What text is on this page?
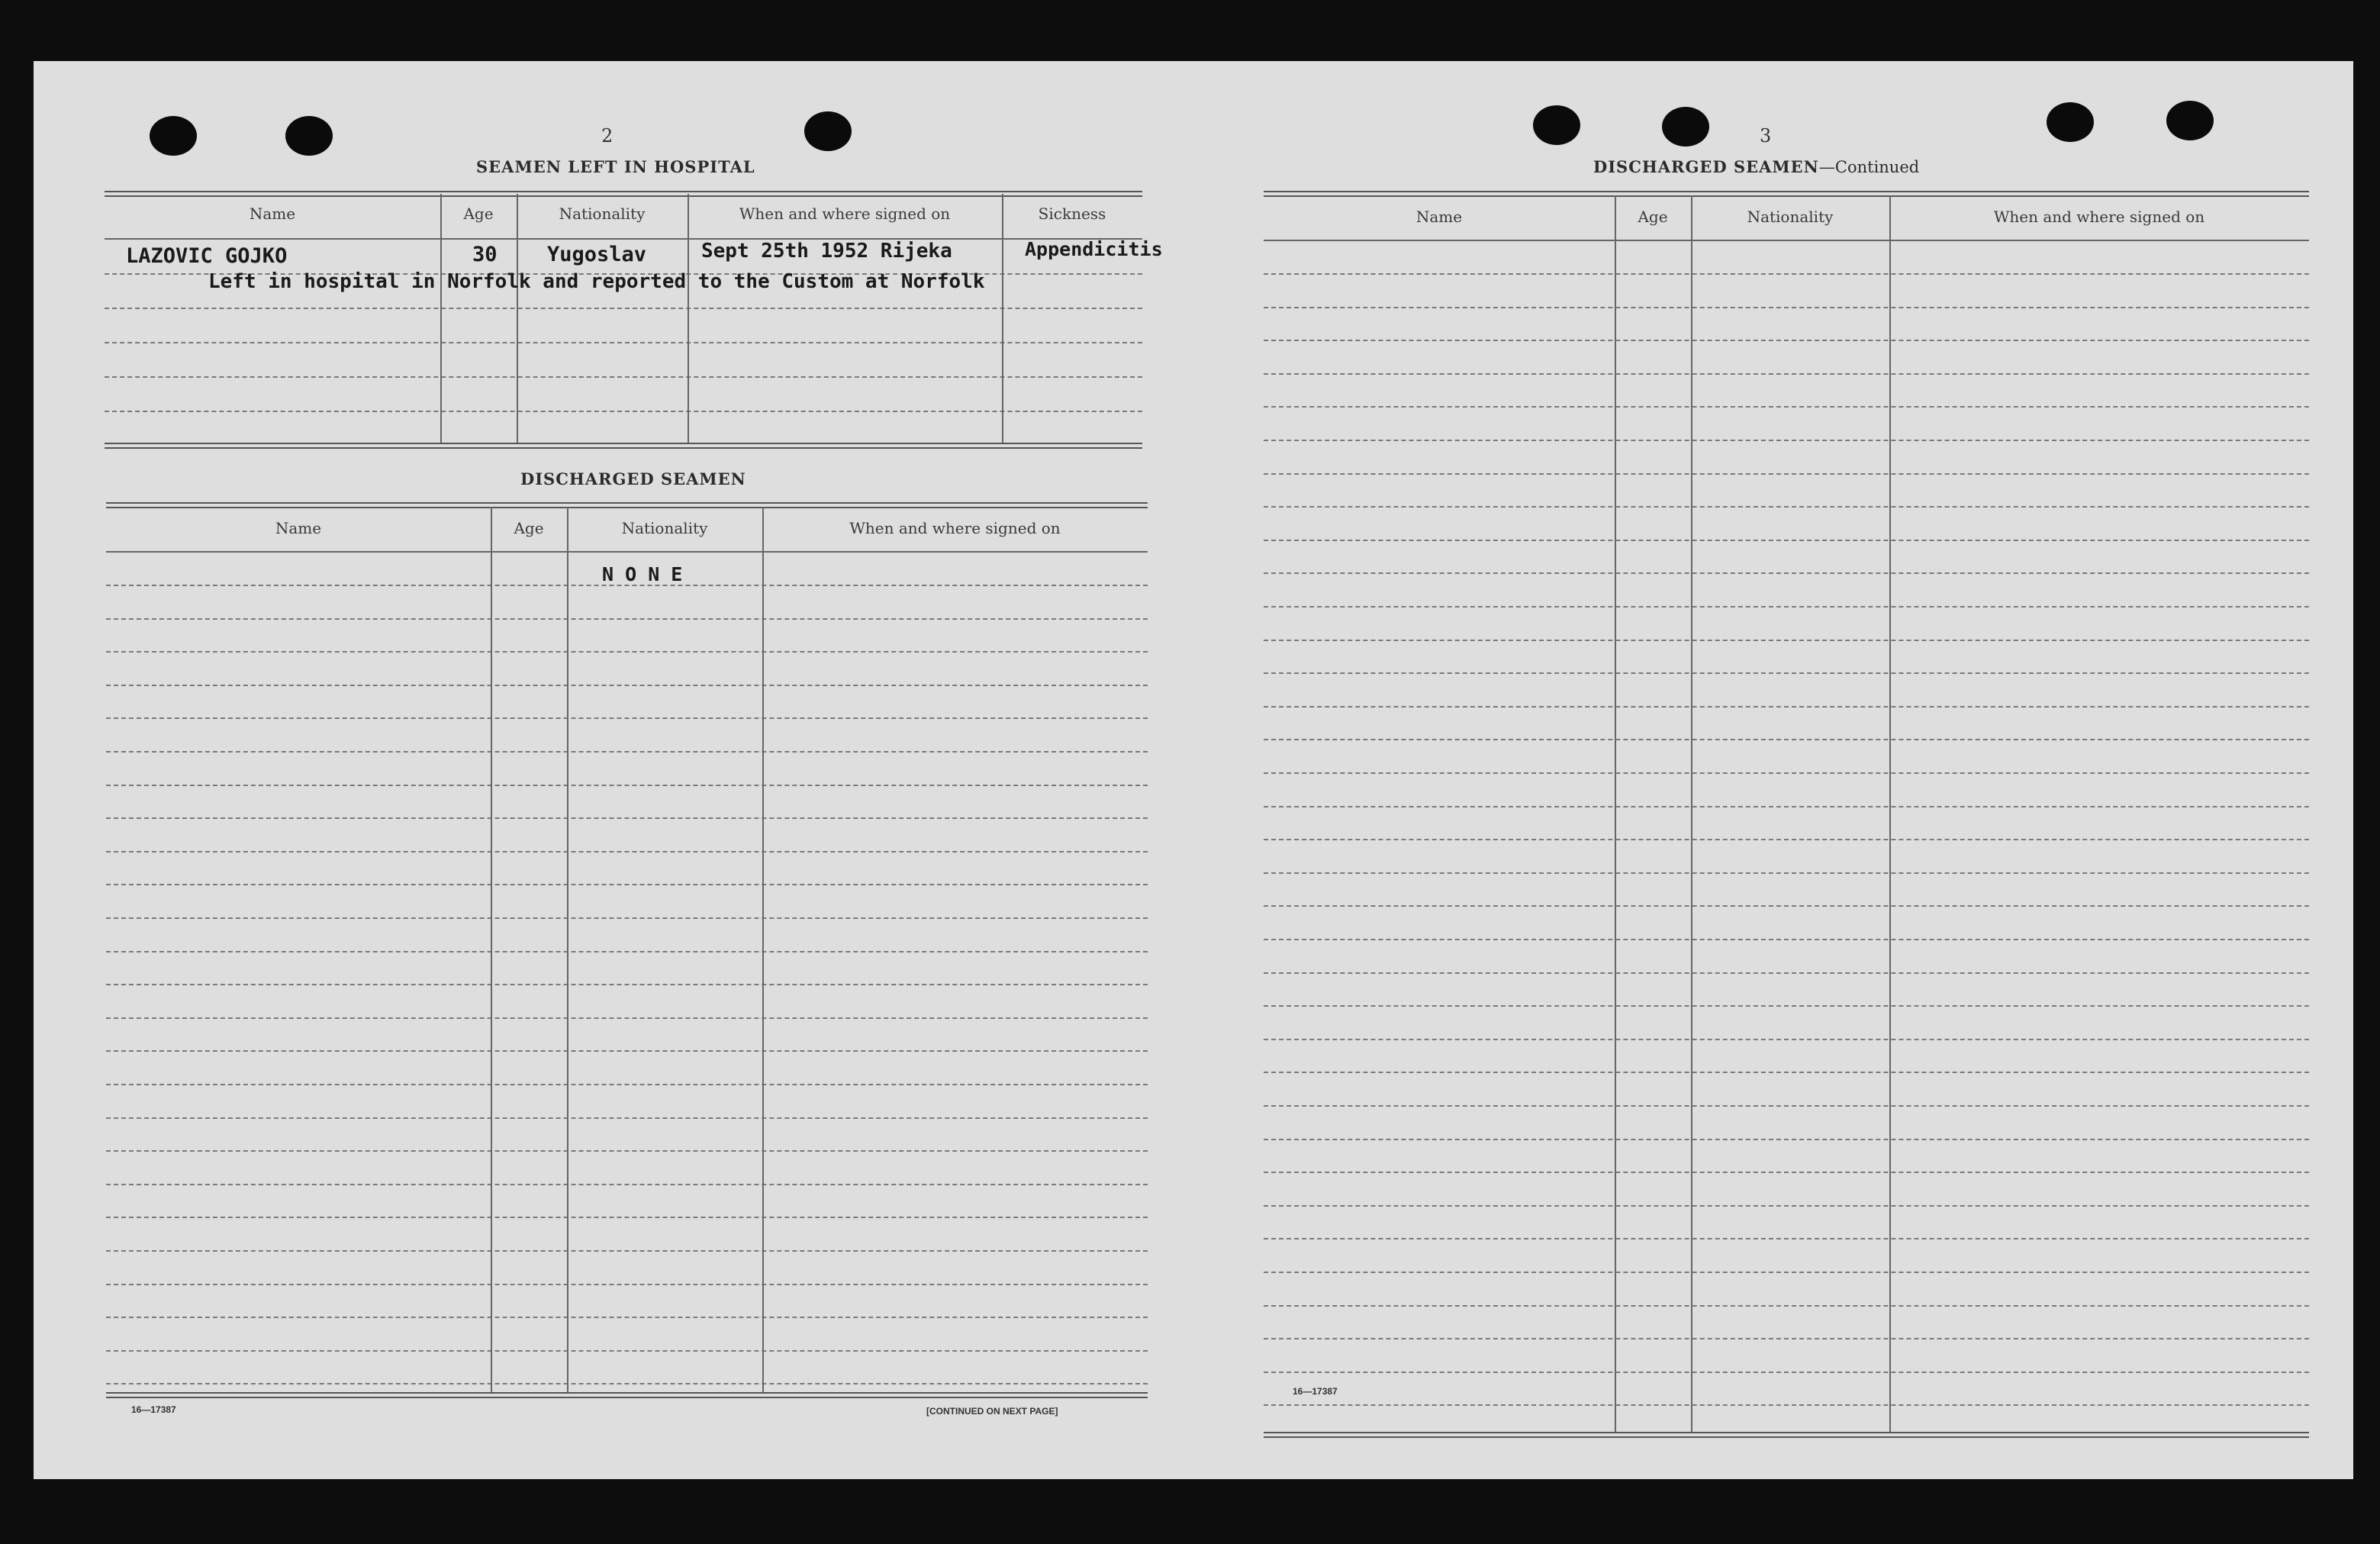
2
SEAMEN LEFT IN HOSPITAL
Name	Age	Nationality	When and where signed on	Sickness
LAZOVIC GOJKO	30 Yugoslav	Sept 25th 1952 Rijeka	Appendicitis
Left in hospital in Norfolk and reported to the Custom at Norfolk
DISCHARGED SEAMEN
Name	Age	Nationality	When and where signed on
N O N E
16—17387	[CONTINUED ON NEXT PAGE]
3
DISCHARGED SEAMEN—Continued
Name	Age	Nationality	When and where signed on
16—17387
